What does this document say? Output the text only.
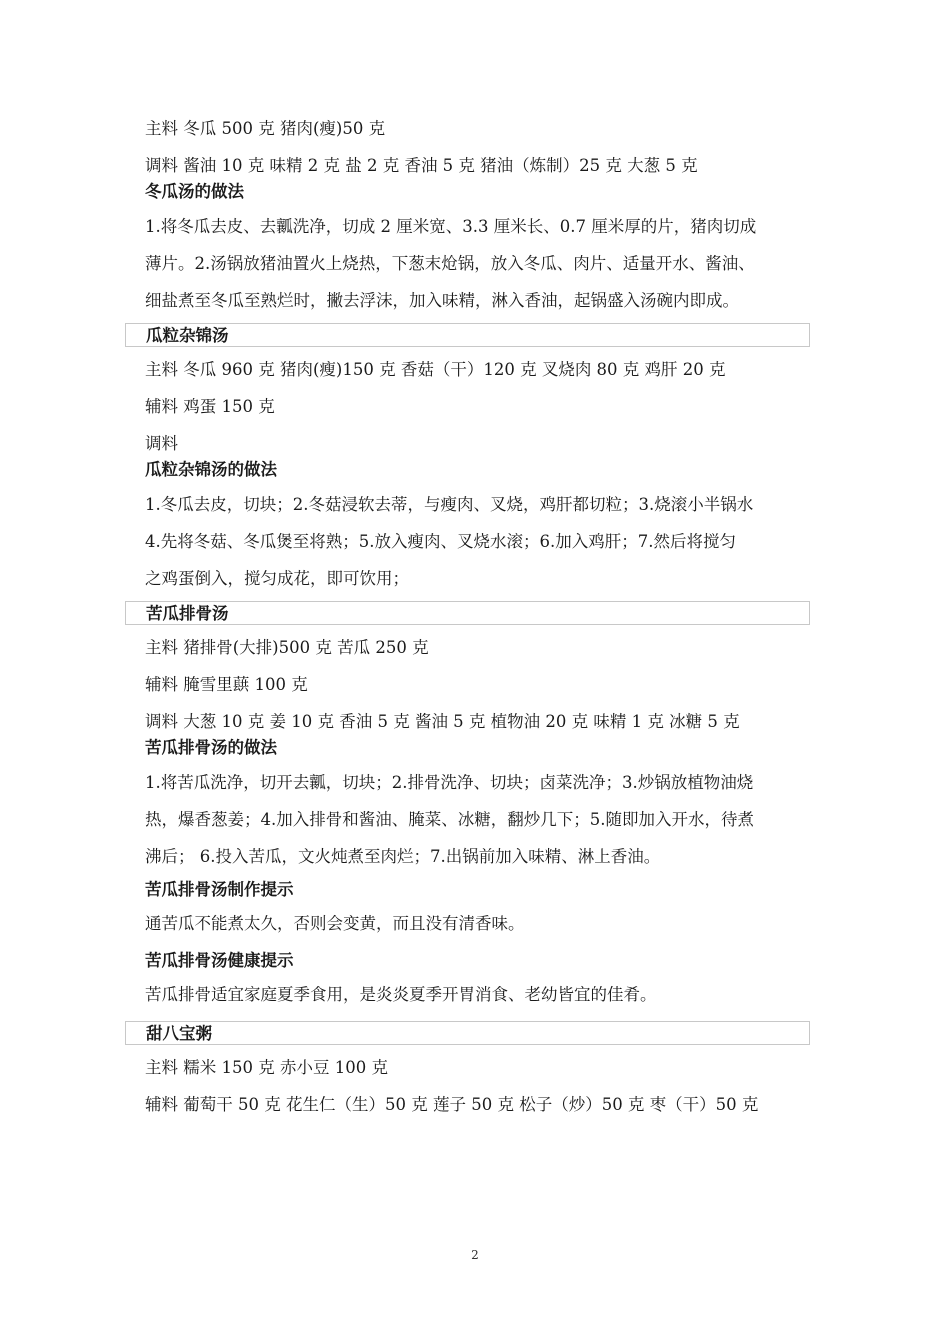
主料 冬瓜 500 克 猪肉(瘦)50 克
调料 酱油 10 克 味精 2 克 盐 2 克 香油 5 克 猪油（炼制）25 克 大葱 5 克
冬瓜汤的做法
1.将冬瓜去皮、去瓤洗净，切成 2 厘米宽、3.3 厘米长、0.7 厘米厚的片，猪肉切成
薄片。2.汤锅放猪油置火上烧热，下葱末炝锅，放入冬瓜、肉片、适量开水、酱油、
细盐煮至冬瓜至熟烂时，撇去浮沫，加入味精，淋入香油，起锅盛入汤碗内即成。
瓜粒杂锦汤
主料 冬瓜 960 克 猪肉(瘦)150 克 香菇（干）120 克 叉烧肉 80 克 鸡肝 20 克
辅料 鸡蛋 150 克
调料
瓜粒杂锦汤的做法
1.冬瓜去皮，切块；2.冬菇浸软去蒂，与瘦肉、叉烧，鸡肝都切粒；3.烧滚小半锅水
4.先将冬菇、冬瓜煲至将熟；5.放入瘦肉、叉烧水滚；6.加入鸡肝；7.然后将搅匀
之鸡蛋倒入，搅匀成花，即可饮用；
苦瓜排骨汤
主料 猪排骨(大排)500 克 苦瓜 250 克
辅料 腌雪里蕻 100 克
调料 大葱 10 克 姜 10 克 香油 5 克 酱油 5 克 植物油 20 克 味精 1 克 冰糖 5 克
苦瓜排骨汤的做法
1.将苦瓜洗净，切开去瓤，切块；2.排骨洗净、切块；卤菜洗净；3.炒锅放植物油烧
热，爆香葱姜；4.加入排骨和酱油、腌菜、冰糖，翻炒几下；5.随即加入开水，待煮
沸后； 6.投入苦瓜，文火炖煮至肉烂；7.出锅前加入味精、淋上香油。
苦瓜排骨汤制作提示
通苦瓜不能煮太久，否则会变黄，而且没有清香味。
苦瓜排骨汤健康提示
苦瓜排骨适宜家庭夏季食用，是炎炎夏季开胃消食、老幼皆宜的佳肴。
甜八宝粥
主料 糯米 150 克 赤小豆 100 克
辅料 葡萄干 50 克 花生仁（生）50 克 莲子 50 克 松子（炒）50 克 枣（干）50 克
2
